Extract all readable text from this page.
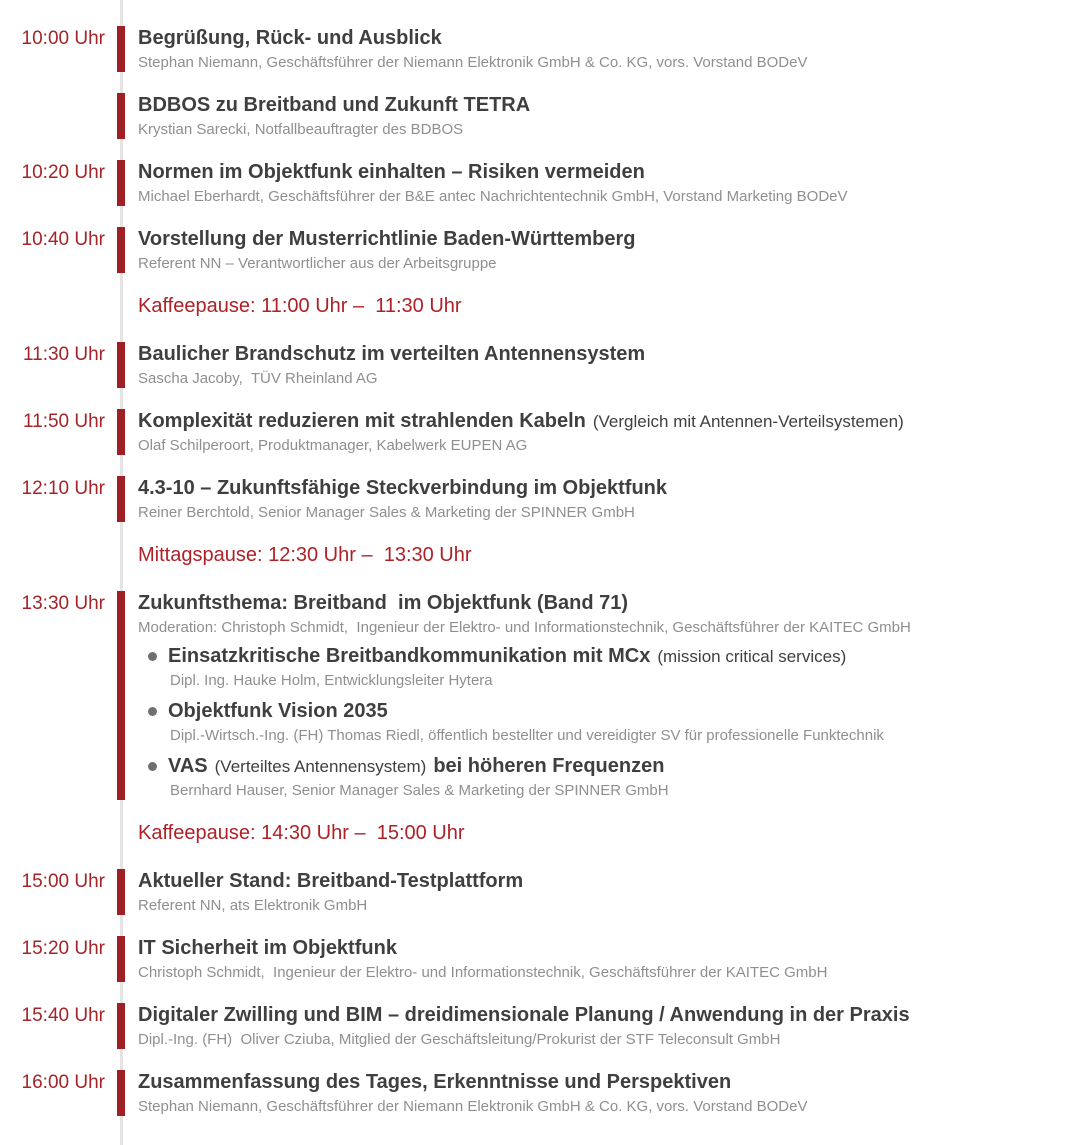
10:00 Uhr Begrüßung, Rück- und Ausblick

Stephan Niemann, Geschäftsführer der Niemann Elektronik GmbH & Co. KG, vors. Vorstand BODeV

BDBOS zu Breitband und Zukunft TETRA

Krystian Sarecki, Notfallbeauftragter des BDBOS

10:20 Uhr Normen im Objektfunk einhalten – Risiken vermeiden

Michael Eberhardt, Geschäftsführer der B&E antec Nachrichtentechnik GmbH, Vorstand Marketing BODeV

10:40 Uhr Vorstellung der Musterrichtlinie Baden-Württemberg

Referent NN – Verantwortlicher aus der Arbeitsgruppe

Kaffeepause: 11:00 Uhr –  11:30 Uhr

11:30 Uhr Baulicher Brandschutz im verteilten Antennensystem

Sascha Jacoby,  TÜV Rheinland AG

11:50 Uhr Komplexität reduzieren mit strahlenden Kabeln (Vergleich mit Antennen-Verteilsystemen)

Olaf Schilperoort, Produktmanager, Kabelwerk EUPEN AG

12:10 Uhr 4.3-10 – Zukunftsfähige Steckverbindung im Objektfunk

Reiner Berchtold, Senior Manager Sales & Marketing der SPINNER GmbH

Mittagspause: 12:30 Uhr –  13:30 Uhr

13:30 Uhr Zukunftsthema: Breitband  im Objektfunk (Band 71)

Moderation: Christoph Schmidt,  Ingenieur der Elektro- und Informationstechnik, Geschäftsführer der KAITEC GmbH

Einsatzkritische Breitbandkommunikation mit MCx (mission critical services)

Dipl. Ing. Hauke Holm, Entwicklungsleiter Hytera

Objektfunk Vision 2035

Dipl.-Wirtsch.-Ing. (FH) Thomas Riedl, öffentlich bestellter und vereidigter SV für professionelle Funktechnik

VAS (Verteiltes Antennensystem) bei höheren Frequenzen

Bernhard Hauser, Senior Manager Sales & Marketing der SPINNER GmbH

Kaffeepause: 14:30 Uhr –  15:00 Uhr

15:00 Uhr Aktueller Stand: Breitband-Testplattform

Referent NN, ats Elektronik GmbH

15:20 Uhr IT Sicherheit im Objektfunk

Christoph Schmidt,  Ingenieur der Elektro- und Informationstechnik, Geschäftsführer der KAITEC GmbH

15:40 Uhr Digitaler Zwilling und BIM – dreidimensionale Planung / Anwendung in der Praxis

Dipl.-Ing. (FH)  Oliver Cziuba, Mitglied der Geschäftsleitung/Prokurist der STF Teleconsult GmbH

16:00 Uhr Zusammenfassung des Tages, Erkenntnisse und Perspektiven

Stephan Niemann, Geschäftsführer der Niemann Elektronik GmbH & Co. KG, vors. Vorstand BODeV
